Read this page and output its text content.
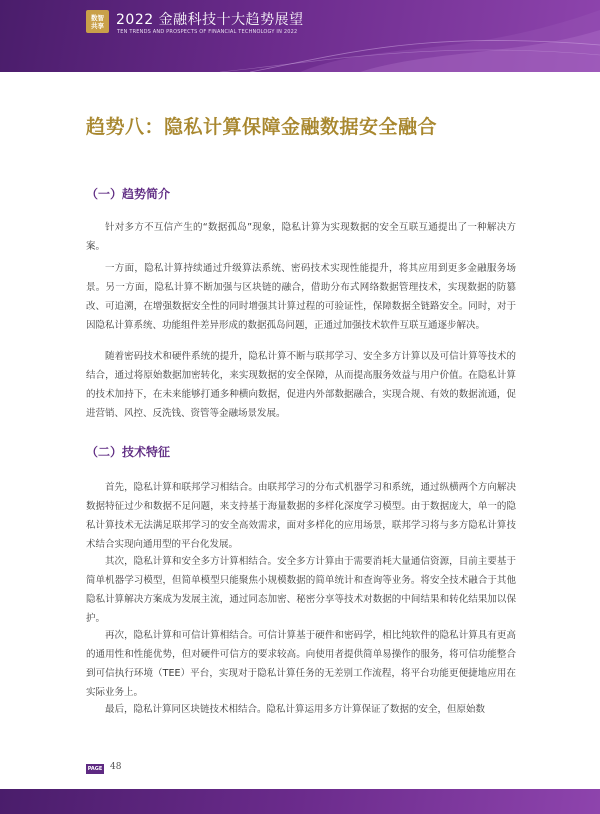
数智
共享 2022 金融科技十大趋势展望
TEN TRENDS AND PROSPECTS OF FINANCIAL TECHNOLOGY IN 2022
趋势八：隐私计算保障金融数据安全融合
（一）趋势简介

针对多方不互信产生的“数据孤岛”现象，隐私计算为实现数据的安全互联互通提出了一种解决方案。

一方面，隐私计算持续通过升级算法系统、密码技术实现性能提升，将其应用到更多金融服务场景。另一方面，隐私计算不断加强与区块链的融合，借助分布式网络数据管理技术，实现数据的防篡改、可追溯，在增强数据安全性的同时增强其计算过程的可验证性，保障数据全链路安全。同时，对于因隐私计算系统、功能组件差异形成的数据孤岛问题，正通过加强技术软件互联互通逐步解决。

随着密码技术和硬件系统的提升，隐私计算不断与联邦学习、安全多方计算以及可信计算等技术的结合，通过将原始数据加密转化，来实现数据的安全保障，从而提高服务效益与用户价值。在隐私计算的技术加持下，在未来能够打通多种横向数据，促进内外部数据融合，实现合规、有效的数据流通，促进营销、风控、反洗钱、资管等金融场景发展。

（二）技术特征

首先，隐私计算和联邦学习相结合。由联邦学习的分布式机器学习和系统，通过纵横两个方向解决数据特征过少和数据不足问题，来支持基于海量数据的多样化深度学习模型。由于数据庞大，单一的隐私计算技术无法满足联邦学习的安全高效需求，面对多样化的应用场景，联邦学习将与多方隐私计算技术结合实现向通用型的平台化发展。

其次，隐私计算和安全多方计算相结合。安全多方计算由于需要消耗大量通信资源，目前主要基于简单机器学习模型，但简单模型只能聚焦小规模数据的简单统计和查询等业务。将安全技术融合于其他隐私计算解决方案成为发展主流，通过同态加密、秘密分享等技术对数据的中间结果和转化结果加以保护。

再次，隐私计算和可信计算相结合。可信计算基于硬件和密码学，相比纯软件的隐私计算具有更高的通用性和性能优势，但对硬件可信方的要求较高。向使用者提供简单易操作的服务，将可信功能整合到可信执行环境（TEE）平台，实现对于隐私计算任务的无差别工作流程，将平台功能更便捷地应用在实际业务上。

最后，隐私计算同区块链技术相结合。隐私计算运用多方计算保证了数据的安全，但原始数

PAGE 48
